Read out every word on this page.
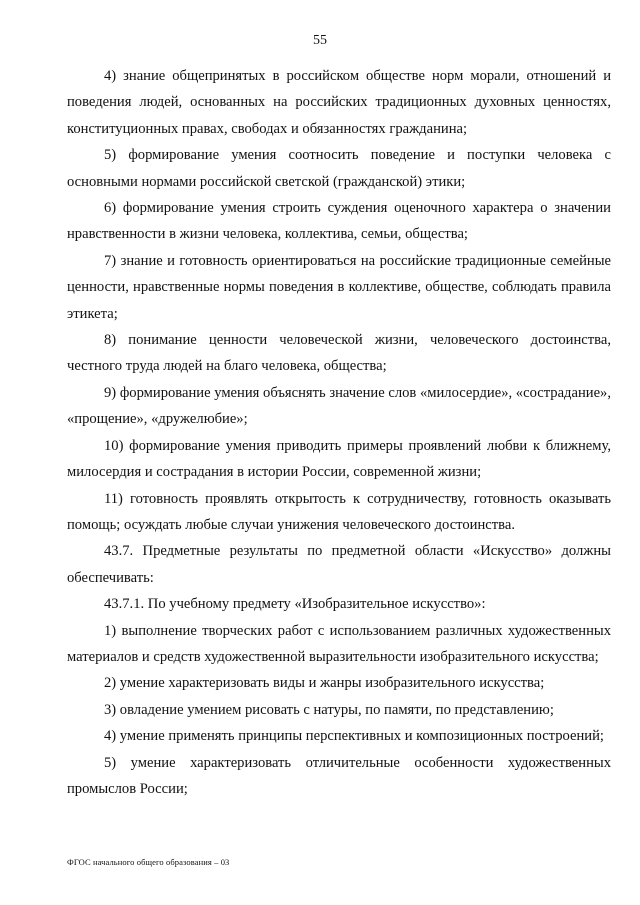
55

4) знание общепринятых в российском обществе норм морали, отношений и поведения людей, основанных на российских традиционных духовных ценностях, конституционных правах, свободах и обязанностях гражданина;

5) формирование умения соотносить поведение и поступки человека с основными нормами российской светской (гражданской) этики;

6) формирование умения строить суждения оценочного характера о значении нравственности в жизни человека, коллектива, семьи, общества;

7) знание и готовность ориентироваться на российские традиционные семейные ценности, нравственные нормы поведения в коллективе, обществе, соблюдать правила этикета;

8) понимание ценности человеческой жизни, человеческого достоинства, честного труда людей на благо человека, общества;

9) формирование умения объяснять значение слов «милосердие», «сострадание», «прощение», «дружелюбие»;

10) формирование умения приводить примеры проявлений любви к ближнему, милосердия и сострадания в истории России, современной жизни;

11) готовность проявлять открытость к сотрудничеству, готовность оказывать помощь; осуждать любые случаи унижения человеческого достоинства.

43.7. Предметные результаты по предметной области «Искусство» должны обеспечивать:

43.7.1. По учебному предмету «Изобразительное искусство»:

1) выполнение творческих работ с использованием различных художественных материалов и средств художественной выразительности изобразительного искусства;

2) умение характеризовать виды и жанры изобразительного искусства;

3) овладение умением рисовать с натуры, по памяти, по представлению;

4) умение применять принципы перспективных и композиционных построений;

5) умение характеризовать отличительные особенности художественных промыслов России;

ФГОС начального общего образования – 03
